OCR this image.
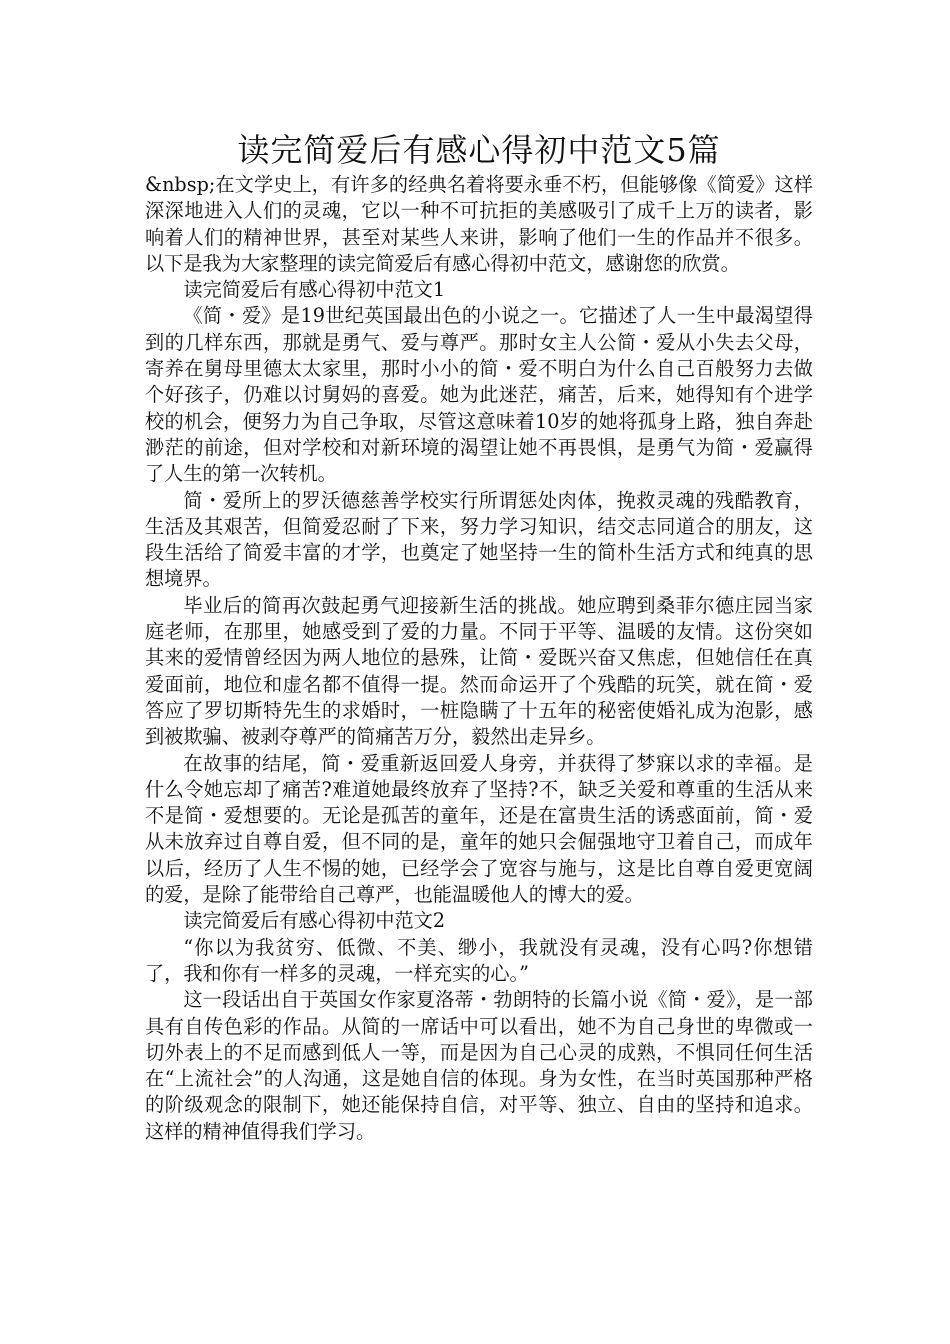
读完简爱后有感心得初中范文5篇

&nbsp;在文学史上，有许多的经典名着将要永垂不朽，但能够像《简爱》这样深深地进入人们的灵魂，它以一种不可抗拒的美感吸引了成千上万的读者，影响着人们的精神世界，甚至对某些人来讲，影响了他们一生的作品并不很多。以下是我为大家整理的读完简爱后有感心得初中范文，感谢您的欣赏。

读完简爱后有感心得初中范文1

《简・爱》是19世纪英国最出色的小说之一。它描述了人一生中最渴望得到的几样东西，那就是勇气、爱与尊严。那时女主人公简・爱从小失去父母，寄养在舅母里德太太家里，那时小小的简・爱不明白为什么自己百般努力去做个好孩子，仍难以讨舅妈的喜爱。她为此迷茫，痛苦，后来，她得知有个进学校的机会，便努力为自己争取，尽管这意味着10岁的她将孤身上路，独自奔赴渺茫的前途，但对学校和对新环境的渴望让她不再畏惧，是勇气为简・爱赢得了人生的第一次转机。

简・爱所上的罗沃德慈善学校实行所谓惩处肉体，挽救灵魂的残酷教育，生活及其艰苦，但简爱忍耐了下来，努力学习知识，结交志同道合的朋友，这段生活给了简爱丰富的才学，也奠定了她坚持一生的简朴生活方式和纯真的思想境界。

毕业后的简再次鼓起勇气迎接新生活的挑战。她应聘到桑菲尔德庄园当家庭老师，在那里，她感受到了爱的力量。不同于平等、温暖的友情。这份突如其来的爱情曾经因为两人地位的悬殊，让简・爱既兴奋又焦虑，但她信任在真爱面前，地位和虚名都不值得一提。然而命运开了个残酷的玩笑，就在简・爱答应了罗切斯特先生的求婚时，一桩隐瞒了十五年的秘密使婚礼成为泡影，感到被欺骗、被剥夺尊严的简痛苦万分，毅然出走异乡。

在故事的结尾，简・爱重新返回爱人身旁，并获得了梦寐以求的幸福。是什么令她忘却了痛苦?难道她最终放弃了坚持?不，缺乏关爱和尊重的生活从来不是简・爱想要的。无论是孤苦的童年，还是在富贵生活的诱惑面前，简・爱从未放弃过自尊自爱，但不同的是，童年的她只会倔强地守卫着自己，而成年以后，经历了人生不惕的她，已经学会了宽容与施与，这是比自尊自爱更宽阔的爱，是除了能带给自己尊严，也能温暖他人的博大的爱。

读完简爱后有感心得初中范文2

“你以为我贫穷、低微、不美、缈小，我就没有灵魂，没有心吗?你想错了，我和你有一样多的灵魂，一样充实的心。”

这一段话出自于英国女作家夏洛蒂・勃朗特的长篇小说《简・爱》，是一部具有自传色彩的作品。从简的一席话中可以看出，她不为自己身世的卑微或一切外表上的不足而感到低人一等，而是因为自己心灵的成熟，不惧同任何生活在“上流社会”的人沟通，这是她自信的体现。身为女性，在当时英国那种严格的阶级观念的限制下，她还能保持自信，对平等、独立、自由的坚持和追求。这样的精神值得我们学习。
